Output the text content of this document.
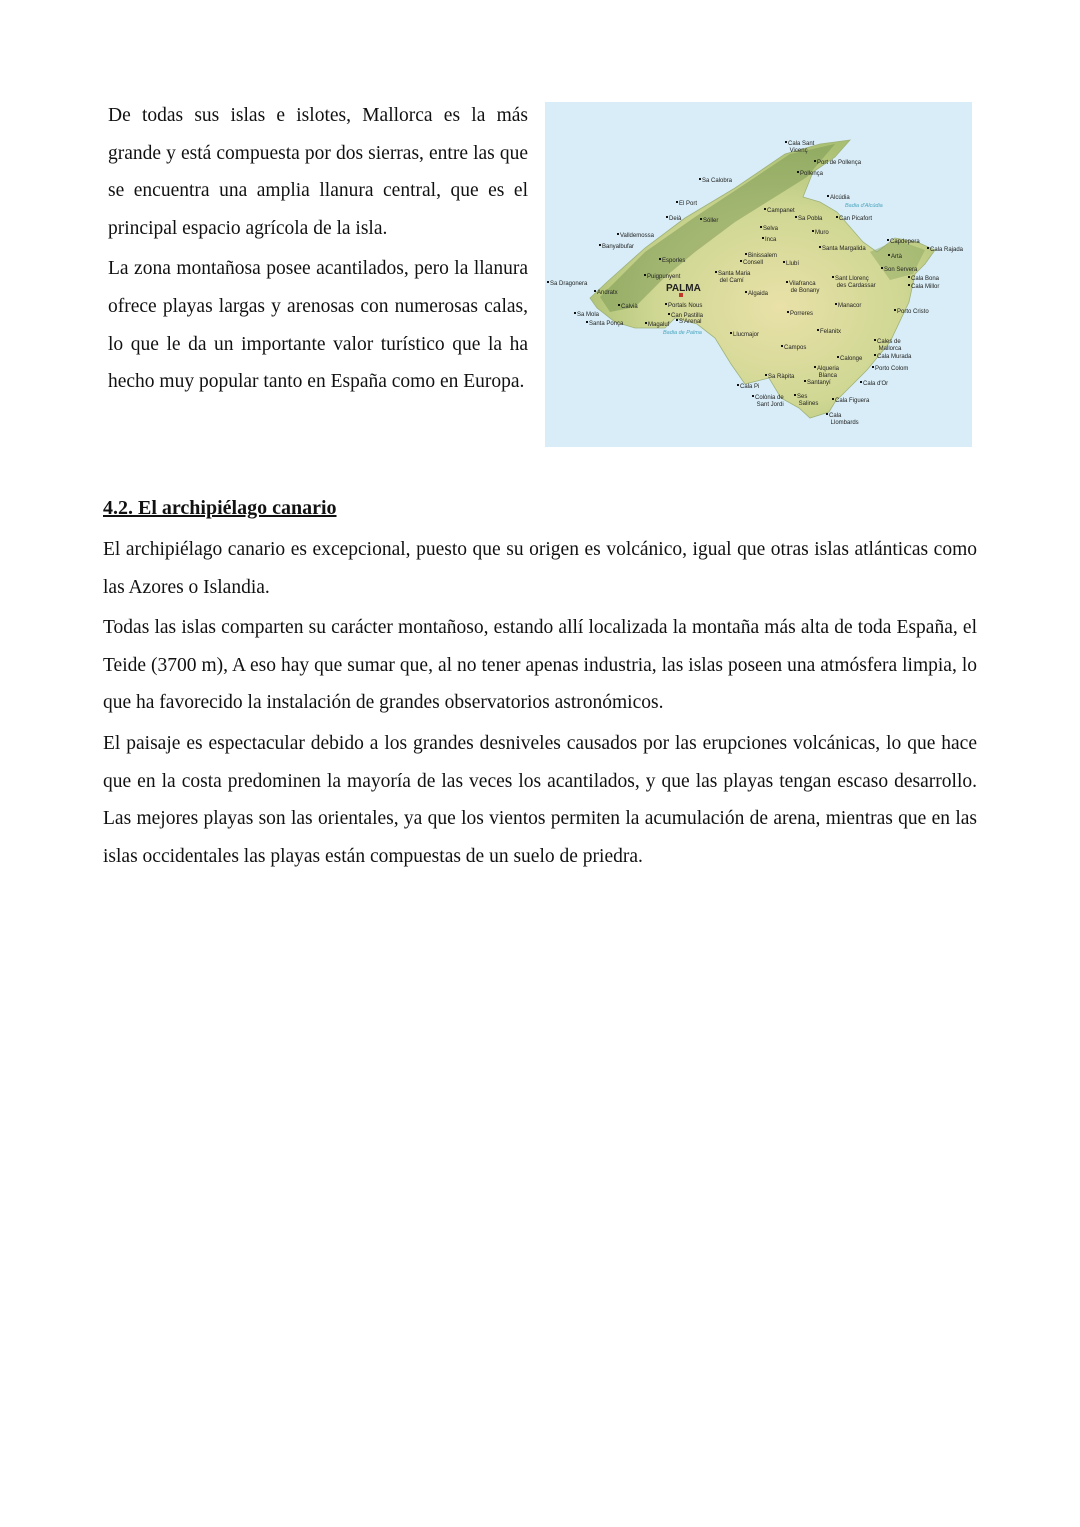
De todas sus islas e islotes, Mallorca es la más grande y está compuesta por dos sierras, entre las que se encuentra una amplia llanura central, que es el principal espacio agrícola de la isla.

La zona montañosa posee acantilados, pero la llanura ofrece playas largas y arenosas con numerosas calas, lo que le da un importante valor turístico que la ha hecho muy popular tanto en España como en Europa.

Sa Dragonera
Andratx
Calvià
Sa Mola
Santa Ponça	Magaluf
Portals Nous
Can Pastilla
S'Arenal
Banyalbufar
Valldemossa
Deià
El Port
Sóller
Sa Calobra
Esporles
Puigpunyent	Santa Maria del Camí
Consell
Binissalem
Selva
Inca
Campanet
Cala Sant Vicenç
Port de Pollença
Pollença
Alcúdia
Sa Pobla	Can Picafort
Muro
Santa Margalida
Llubí
Algaida
Vilafranca de Bonany
Sant Llorenç des Cardassar
Capdepera
Artà
Cala Rajada
Son Servera
Cala Bona
Cala Millor
Manacor
Porto Cristo
Porreres
Felanitx
Llucmajor
Campos
Cales de Mallorca
Cala Murada
Calonge
Alqueria Blanca
Porto Colom
Santanyí	Cala d'Or
Sa Ràpita
Cala Pi
Colònia de Sant Jordi
Ses Salines	Cala Figuera
Cala Llombards
Badia d'Alcúdia
Badia de Palma
PALMA
4.2. El archipiélago canario

El archipiélago canario es excepcional, puesto que su origen es volcánico, igual que otras islas atlánticas como las Azores o Islandia.

Todas las islas comparten su carácter montañoso, estando allí localizada la montaña más alta de toda España, el Teide (3700 m), A eso hay que sumar que, al no tener apenas industria, las islas poseen una atmósfera limpia, lo que ha favorecido la instalación de grandes observatorios astronómicos.

El paisaje es espectacular debido a los grandes desniveles causados por las erupciones volcánicas, lo que hace que en la costa predominen la mayoría de las veces los acantilados, y que las playas tengan escaso desarrollo. Las mejores playas son las orientales, ya que los vientos permiten la acumulación de arena, mientras que en las islas occidentales las playas están compuestas de un suelo de priedra.
